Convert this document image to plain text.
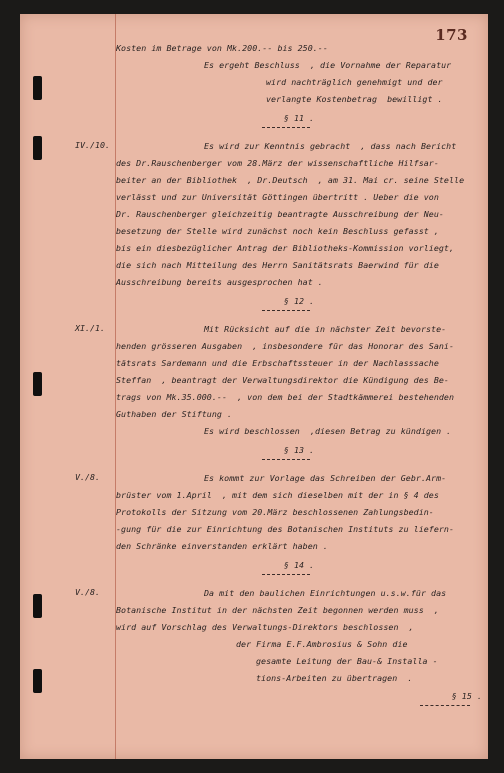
173
Kosten im Betrage von Mk.200.-- bis 250.--
Es ergeht Beschluss  , die Vornahme der Reparatur
wird nachträglich genehmigt und der
verlangte Kostenbetrag  bewilligt .
§ 11 .
IV./10.	Es wird zur Kenntnis gebracht  , dass nach Bericht
des Dr.Rauschenberger vom 28.März der wissenschaftliche Hilfsar-
beiter an der Bibliothek  , Dr.Deutsch  , am 31. Mai cr. seine Stelle
verlässt und zur Universität Göttingen übertritt . Ueber die von
Dr. Rauschenberger gleichzeitig beantragte Ausschreibung der Neu-
besetzung der Stelle wird zunächst noch kein Beschluss gefasst ,
bis ein diesbezüglicher Antrag der Bibliotheks-Kommission vorliegt,
die sich nach Mitteilung des Herrn Sanitätsrats Baerwind für die
Ausschreibung bereits ausgesprochen hat .
§ 12 .
XI./1.	Mit Rücksicht auf die in nächster Zeit bevorste-
henden grösseren Ausgaben  , insbesondere für das Honorar des Sani-
tätsrats Sardemann und die Erbschaftssteuer in der Nachlasssache
Steffan  , beantragt der Verwaltungsdirektor die Kündigung des Be-
trags von Mk.35.000.--  , von dem bei der Stadtkämmerei bestehenden
Guthaben der Stiftung .
Es wird beschlossen  ,diesen Betrag zu kündigen .
§ 13 .
V./8.	Es kommt zur Vorlage das Schreiben der Gebr.Arm-
brüster vom 1.April  , mit dem sich dieselben mit der in § 4 des
Protokolls der Sitzung vom 20.März beschlossenen Zahlungsbedin-
-gung für die zur Einrichtung des Botanischen Instituts zu liefern-
den Schränke einverstanden erklärt haben .
§ 14 .
V./8.	Da mit den baulichen Einrichtungen u.s.w.für das
Botanische Institut in der nächsten Zeit begonnen werden muss  ,
wird auf Vorschlag des Verwaltungs-Direktors beschlossen  ,
der Firma E.F.Ambrosius & Sohn die
gesamte Leitung der Bau-& Installa -
tions-Arbeiten zu übertragen  .
§ 15 .
